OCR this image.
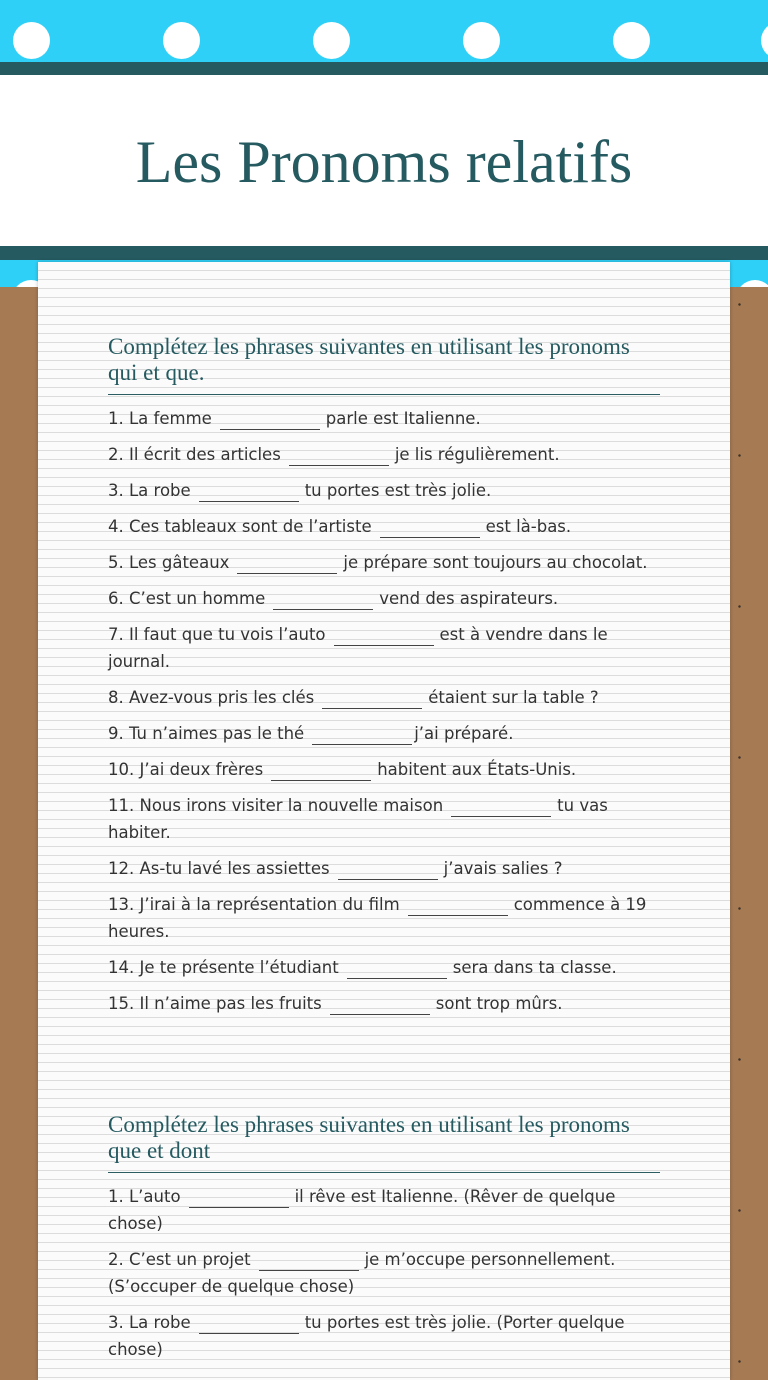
Les Pronoms relatifs
Complétez les phrases suivantes en utilisant les pronoms qui et que.

1. La femme	parle est Italienne.

2. Il écrit des articles	je lis régulièrement.

3. La robe	tu portes est très jolie.

4. Ces tableaux sont de l’artiste	est là-bas.

5. Les gâteaux	je prépare sont toujours au chocolat.

6. C’est un homme	vend des aspirateurs.

7. Il faut que tu vois l’auto	est à vendre dans le journal.

8. Avez-vous pris les clés	étaient sur la table ?

9. Tu n’aimes pas le thé	j’ai préparé.

10. J’ai deux frères	habitent aux États-Unis.

11. Nous irons visiter la nouvelle maison	tu vas habiter.

12. As-tu lavé les assiettes	j’avais salies ?

13. J’irai à la représentation du film	commence à 19 heures.

14. Je te présente l’étudiant	sera dans ta classe.

15. Il n’aime pas les fruits	sont trop mûrs.

Complétez les phrases suivantes en utilisant les pronoms que et dont

1. L’auto	il rêve est Italienne. (Rêver de quelque chose)

2. C’est un projet	je m’occupe personnellement. (S’occuper de quelque chose)

3. La robe	tu portes est très jolie. (Porter quelque chose)
